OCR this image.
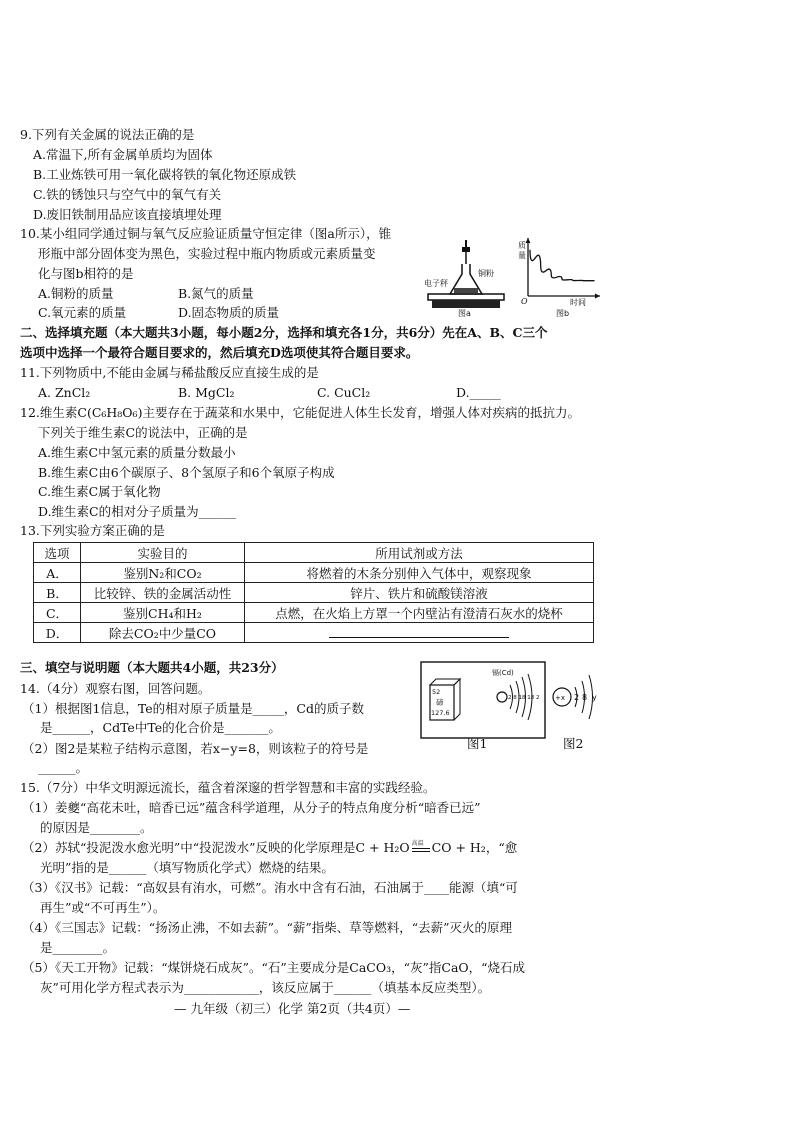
9.下列有关金属的说法正确的是
A.常温下,所有金属单质均为固体
B.工业炼铁可用一氧化碳将铁的氧化物还原成铁
C.铁的锈蚀只与空气中的氧气有关
D.废旧铁制用品应该直接填埋处理
10.某小组同学通过铜与氧气反应验证质量守恒定律（图a所示），锥
形瓶中部分固体变为黑色，实验过程中瓶内物质或元素质量变
化与图b相符的是
A.铜粉的质量	B.氮气的质量
C.氧元素的质量	D.固态物质的质量
电子秤
铜粉
图a
质
量
O	时间
图b
二、选择填充题（本大题共3小题，每小题2分，选择和填充各1分，共6分）先在A、B、C三个
选项中选择一个最符合题目要求的，然后填充D选项使其符合题目要求。
11.下列物质中,不能由金属与稀盐酸反应直接生成的是
A. ZnCl₂	B. MgCl₂	C. CuCl₂	D._____
12.维生素C(C₆H₈O₆)主要存在于蔬菜和水果中，它能促进人体生长发育，增强人体对疾病的抵抗力。
下列关于维生素C的说法中，正确的是
A.维生素C中氢元素的质量分数最小
B.维生素C由6个碳原子、8个氢原子和6个氧原子构成
C.维生素C属于氧化物
D.维生素C的相对分子质量为______
13.下列实验方案正确的是
选项	实验目的	所用试剂或方法
A．	鉴别N₂和CO₂	将燃着的木条分别伸入气体中，观察现象
B．	比较锌、铁的金属活动性	锌片、铁片和硫酸镁溶液
C．	鉴别CH₄和H₂	点燃，在火焰上方罩一个内壁沾有澄清石灰水的烧杯
D．	除去CO₂中少量CO	
三、填空与说明题（本大题共4小题，共23分）
14.（4分）观察右图，回答问题。
（1）根据图1信息，Te的相对原子质量是_____，Cd的质子数
是______，CdTe中Te的化合价是_______。
（2）图2是某粒子结构示意图，若x−y=8，则该粒子的符号是
______。
52
碲
127.6
镉(Cd)
2 8 18 18 2
图1
+x 2 8 y
图2
15.（7分）中华文明源远流长，蕴含着深邃的哲学智慧和丰富的实践经验。
（1）姜夔“高花未吐，暗香已远”蕴含科学道理，从分子的特点角度分析“暗香已远”
的原因是________。
（2）苏轼“投泥泼水愈光明”中“投泥泼水”反映的化学原理是C + H₂O 高温 CO + H₂，“愈
光明”指的是______（填写物质化学式）燃烧的结果。
（3）《汉书》记载：“高奴县有洧水，可燃”。洧水中含有石油，石油属于____能源（填“可
再生”或“不可再生”）。
（4）《三国志》记载：“扬汤止沸，不如去薪”。“薪”指柴、草等燃料，“去薪”灭火的原理
是________。
（5）《天工开物》记载：“煤饼烧石成灰”。“石”主要成分是CaCO₃，“灰”指CaO，“烧石成
灰”可用化学方程式表示为____________，该反应属于______（填基本反应类型）。
— 九年级（初三）化学 第2页（共4页）—
